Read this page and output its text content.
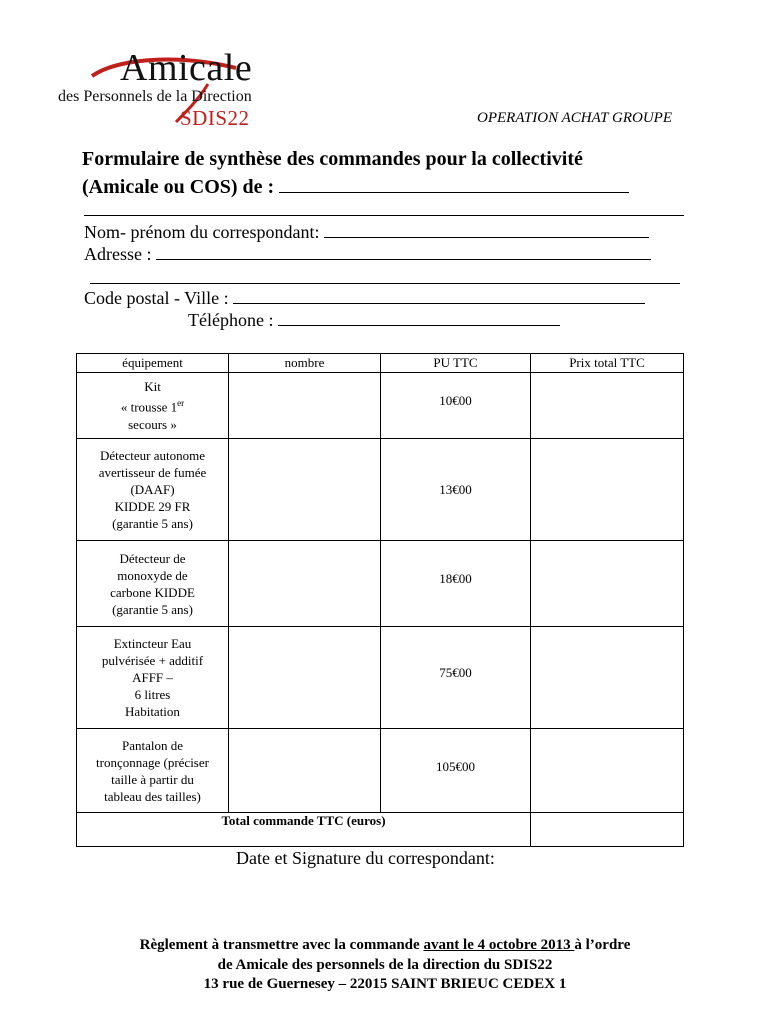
Amicale
des Personnels de la Direction
SDIS22	OPERATION ACHAT GROUPE
Formulaire de synthèse des commandes pour la collectivité
(Amicale ou COS) de :
Nom- prénom du correspondant:
Adresse :
Code postal - Ville :
Téléphone :
équipement	nombre	PU TTC	Prix total TTC

Kit
« trousse 1er
secours »		10€00	

Détecteur autonome
avertisseur de fumée
(DAAF)
KIDDE 29 FR
(garantie 5 ans)		13€00	

Détecteur de
monoxyde de
carbone KIDDE
(garantie 5 ans)		18€00	

Extincteur Eau
pulvérisée + additif
AFFF –
6 litres
Habitation		75€00	

Pantalon de
tronçonnage (préciser
taille à partir du
tableau des tailles)		105€00	
Total commande TTC (euros)			
Date et Signature du correspondant:
Règlement à transmettre avec la commande avant le 4 octobre 2013 à l’ordre
de Amicale des personnels de la direction du SDIS22
13 rue de Guernesey – 22015 SAINT BRIEUC CEDEX 1
